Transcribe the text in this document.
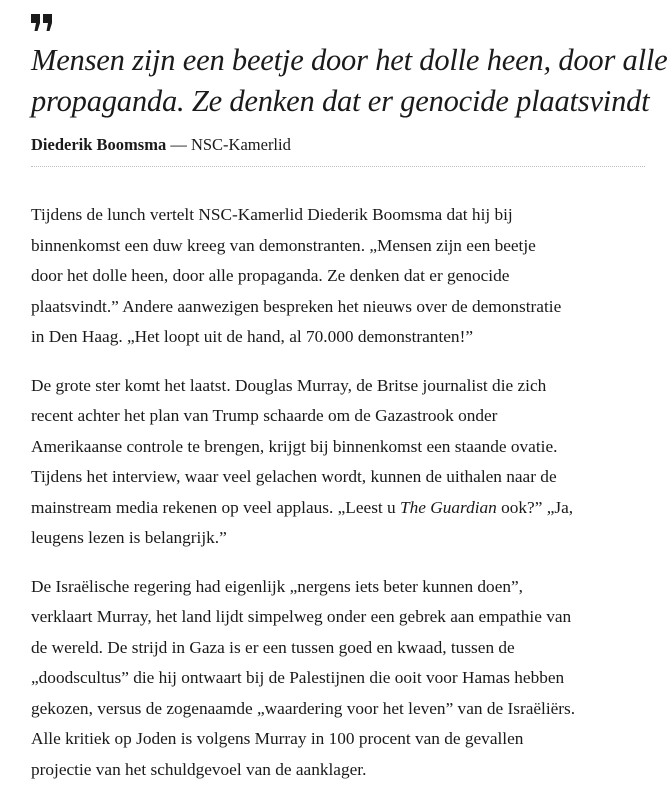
Mensen zijn een beetje door het dolle heen, door alle
propaganda. Ze denken dat er genocide plaatsvindt

Diederik Boomsma — NSC-Kamerlid

Tijdens de lunch vertelt NSC-Kamerlid Diederik Boomsma dat hij bij
binnenkomst een duw kreeg van demonstranten. „Mensen zijn een beetje
door het dolle heen, door alle propaganda. Ze denken dat er genocide
plaatsvindt.” Andere aanwezigen bespreken het nieuws over de demonstratie
in Den Haag. „Het loopt uit de hand, al 70.000 demonstranten!”

De grote ster komt het laatst. Douglas Murray, de Britse journalist die zich
recent achter het plan van Trump schaarde om de Gazastrook onder
Amerikaanse controle te brengen, krijgt bij binnenkomst een staande ovatie.
Tijdens het interview, waar veel gelachen wordt, kunnen de uithalen naar de
mainstream media rekenen op veel applaus. „Leest u The Guardian ook?” „Ja,
leugens lezen is belangrijk.”

De Israëlische regering had eigenlijk „nergens iets beter kunnen doen”,
verklaart Murray, het land lijdt simpelweg onder een gebrek aan empathie van
de wereld. De strijd in Gaza is er een tussen goed en kwaad, tussen de
„doodscultus” die hij ontwaart bij de Palestijnen die ooit voor Hamas hebben
gekozen, versus de zogenaamde „waardering voor het leven” van de Israëliërs.
Alle kritiek op Joden is volgens Murray in 100 procent van de gevallen
projectie van het schuldgevoel van de aanklager.
